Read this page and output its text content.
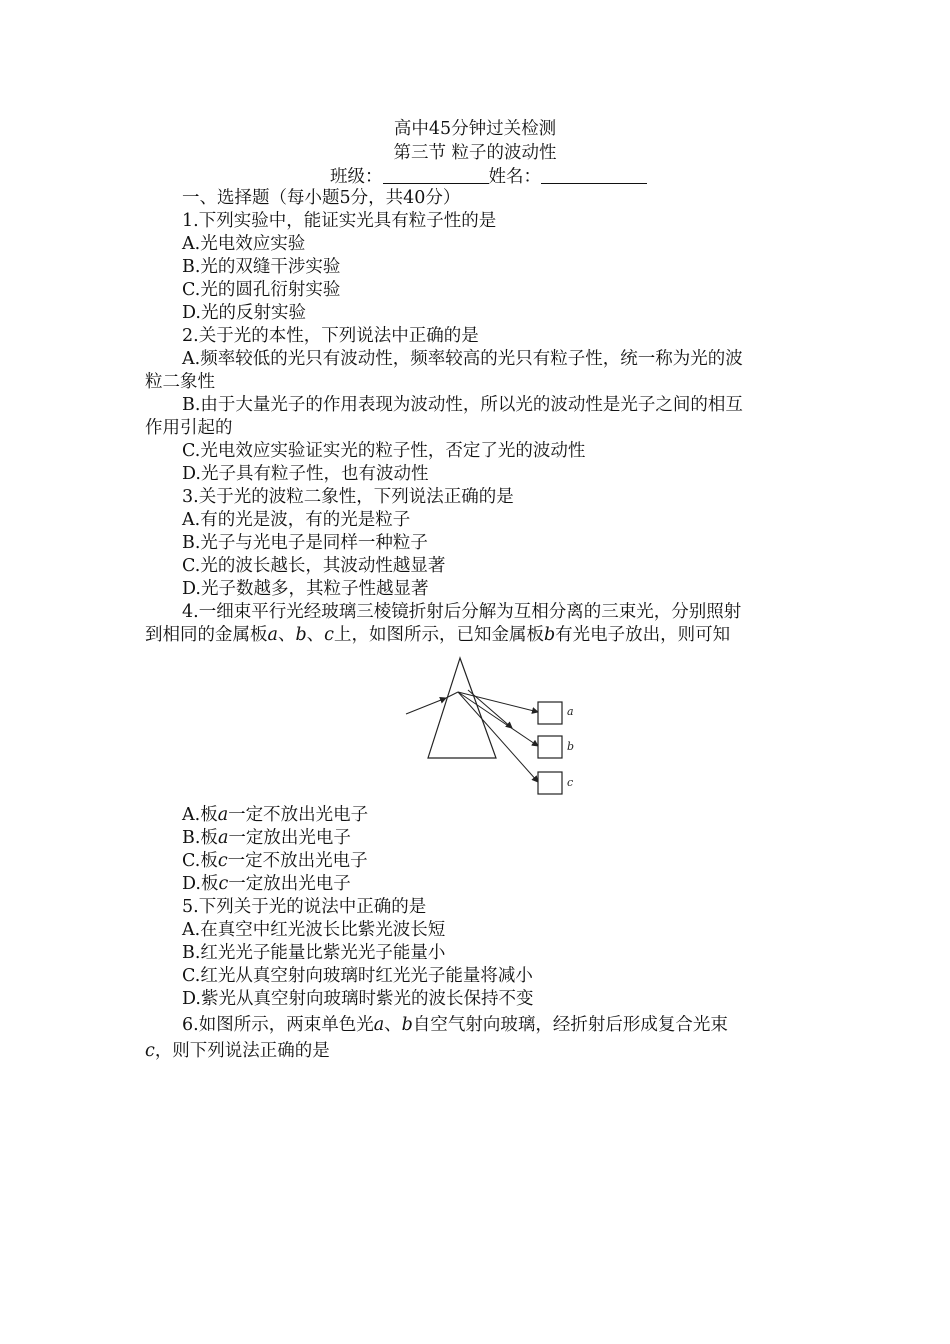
高中45分钟过关检测
第三节 粒子的波动性
班级：	姓名：
一、选择题（每小题5分，共40分）
1.下列实验中，能证实光具有粒子性的是
A.光电效应实验
B.光的双缝干涉实验
C.光的圆孔衍射实验
D.光的反射实验
2.关于光的本性，下列说法中正确的是
A.频率较低的光只有波动性，频率较高的光只有粒子性，统一称为光的波
粒二象性
B.由于大量光子的作用表现为波动性，所以光的波动性是光子之间的相互
作用引起的
C.光电效应实验证实光的粒子性，否定了光的波动性
D.光子具有粒子性，也有波动性
3.关于光的波粒二象性，下列说法正确的是
A.有的光是波，有的光是粒子
B.光子与光电子是同样一种粒子
C.光的波长越长，其波动性越显著
D.光子数越多，其粒子性越显著
4.一细束平行光经玻璃三棱镜折射后分解为互相分离的三束光，分别照射
到相同的金属板a、b、c上，如图所示，已知金属板b有光电子放出，则可知
a
b
c
A.板a一定不放出光电子
B.板a一定放出光电子
C.板c一定不放出光电子
D.板c一定放出光电子
5.下列关于光的说法中正确的是
A.在真空中红光波长比紫光波长短
B.红光光子能量比紫光光子能量小
C.红光从真空射向玻璃时红光光子能量将减小
D.紫光从真空射向玻璃时紫光的波长保持不变
6.如图所示，两束单色光a、b自空气射向玻璃，经折射后形成复合光束
c，则下列说法正确的是
